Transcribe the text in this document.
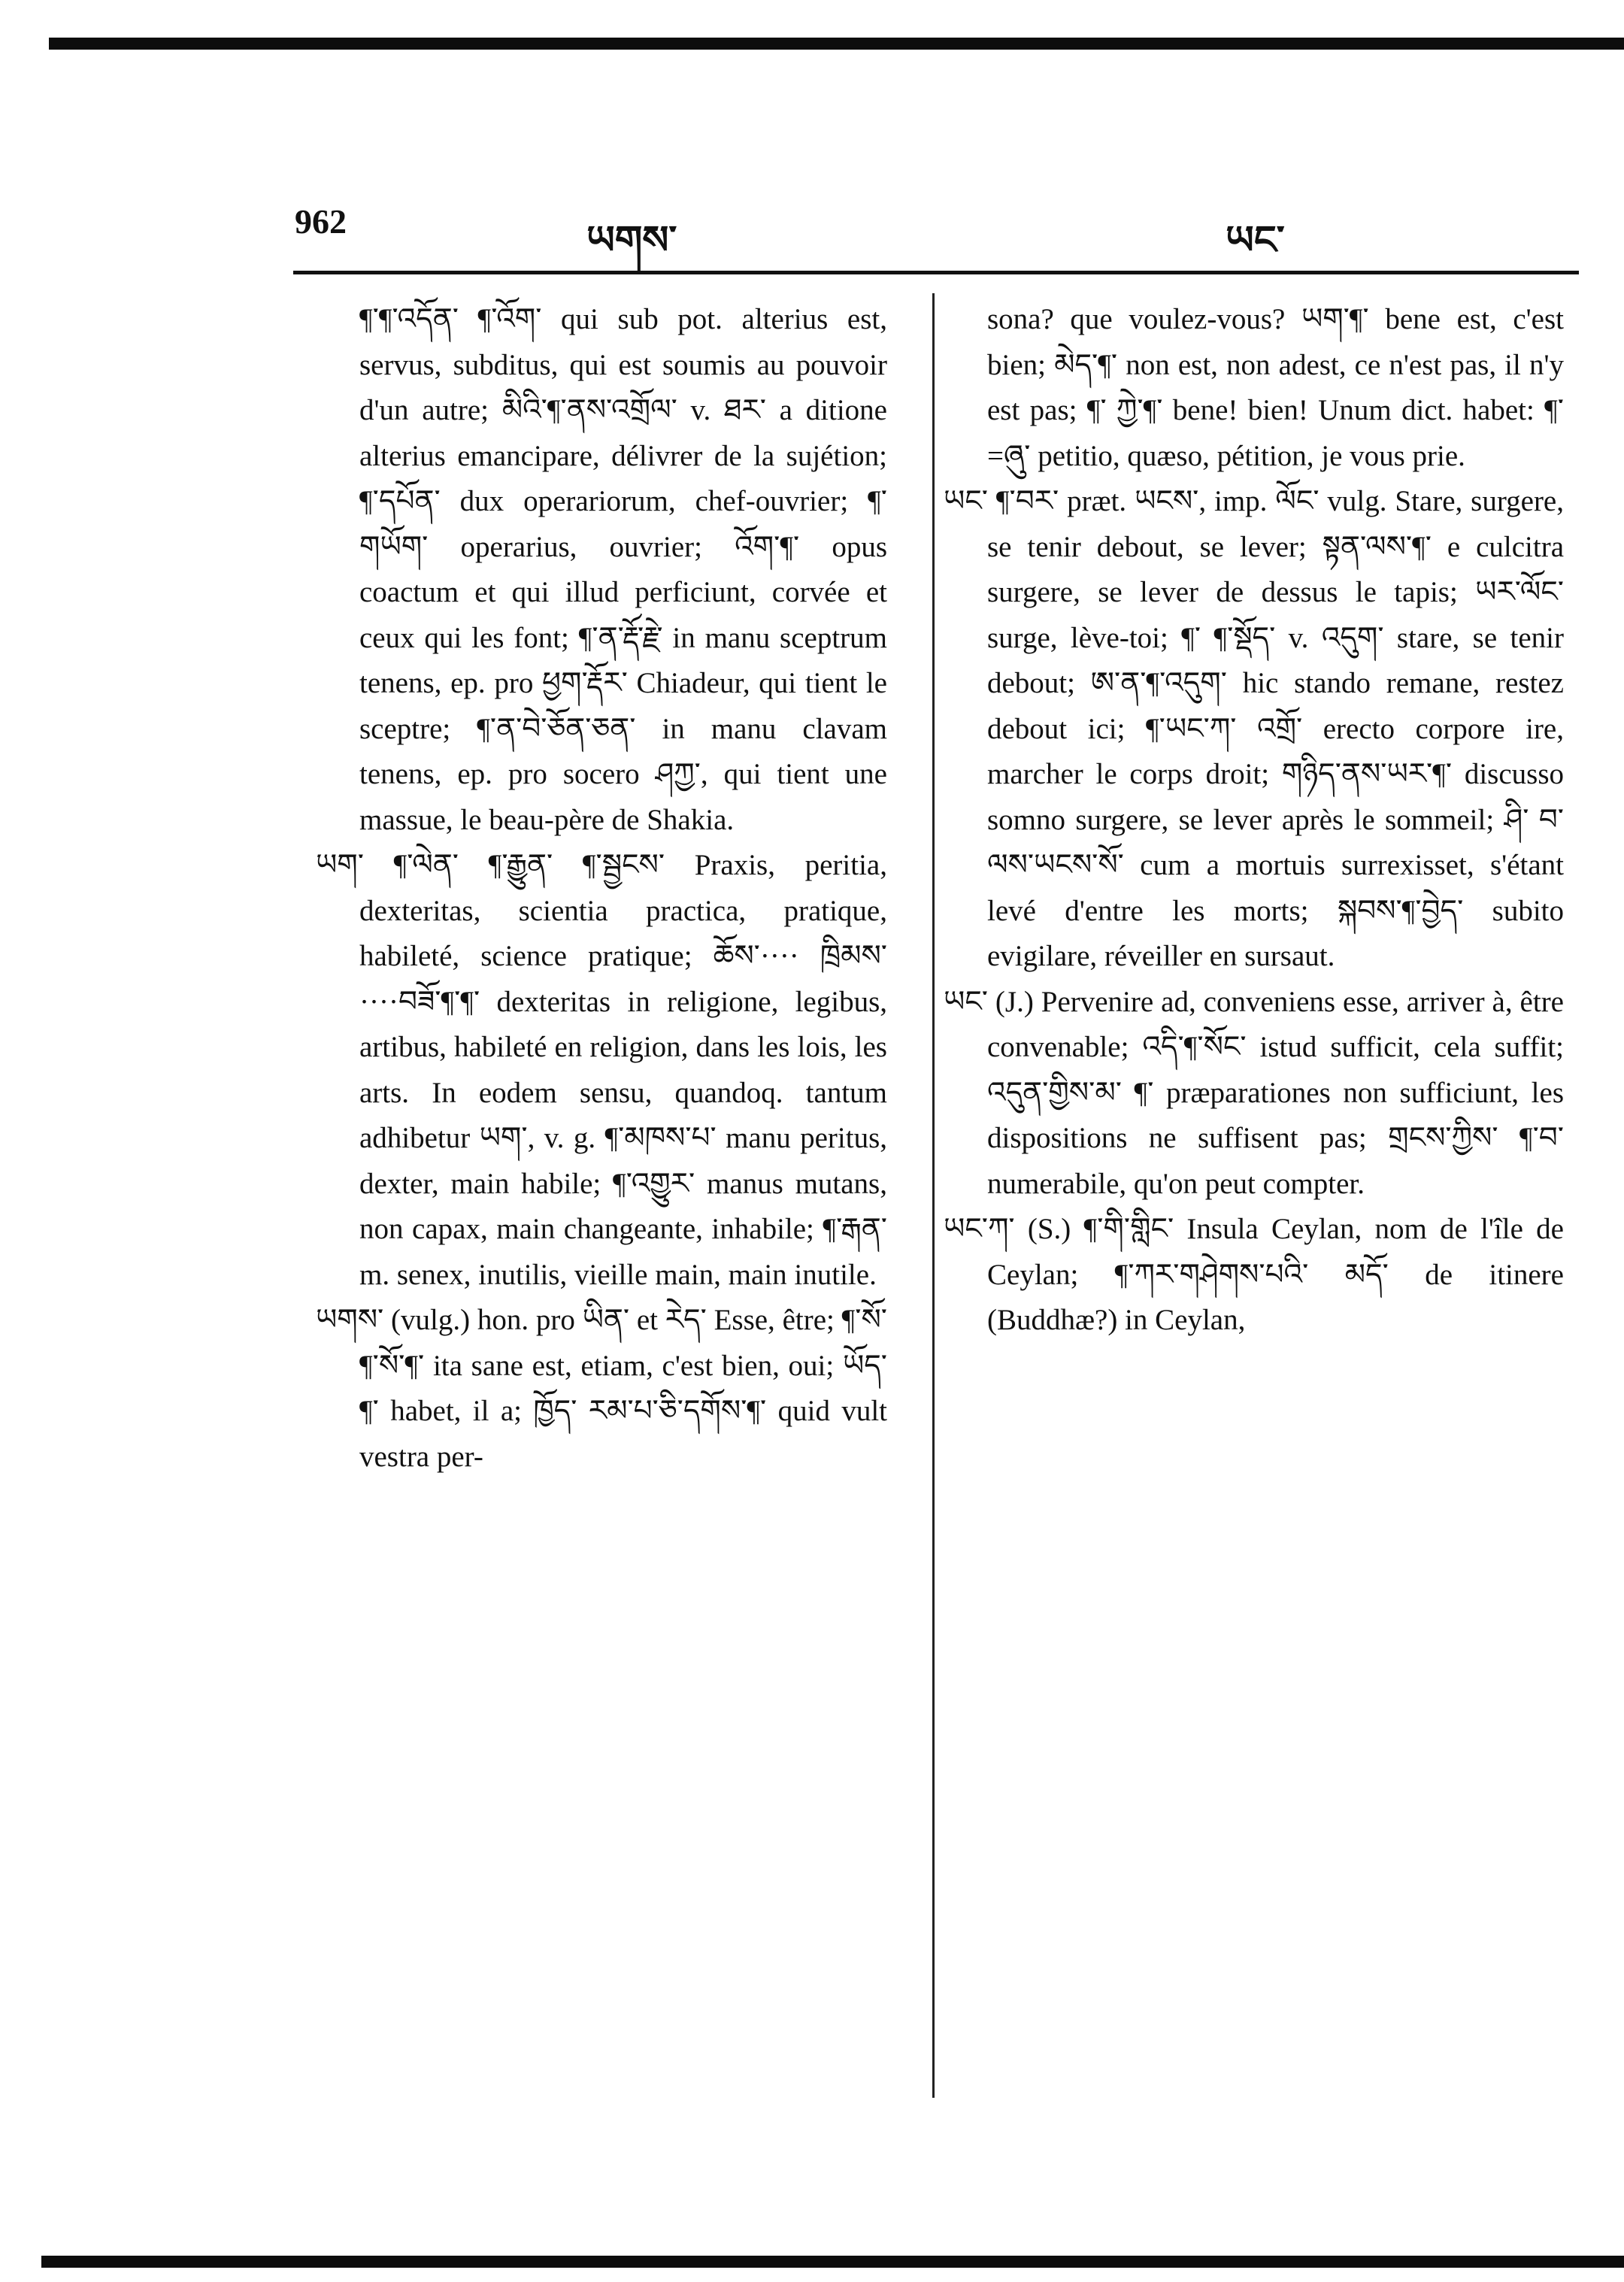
962	ཡགས་	ཡང་

¶་¶་འདོན་ ¶་འོག་ qui sub pot. alterius est, servus, subditus, qui est soumis au pouvoir d'un autre; མིའི་¶་ནས་འགྲོལ་ v. ཐར་ a ditione alterius emancipare, délivrer de la sujétion; ¶་དཔོན་ dux operariorum, chef-ouvrier; ¶་གཡོག་ operarius, ouvrier; འོག་¶་ opus coactum et qui illud perficiunt, corvée et ceux qui les font; ¶་ན་རྡོ་རྗེ་ in manu sceptrum tenens, ep. pro ཕྱག་རྡོར་ Chiadeur, qui tient le sceptre; ¶་ན་བེ་ཅོན་ཅན་ in manu clavam tenens, ep. pro socero ཤཀྱ་, qui tient une massue, le beau-père de Shakia.

ཡག་ ¶་ལེན་ ¶་རྒྱུན་ ¶་སྦྱངས་ Praxis, peritia, dexteritas, scientia practica, pratique, habileté, science pratique; ཆོས་···· ཁྲིམས་····བཟོ་¶་¶་ dexteritas in religione, legibus, artibus, habileté en religion, dans les lois, les arts. In eodem sensu, quandoq. tantum adhibetur ཡག་, v. g. ¶་མཁས་པ་ manu peritus, dexter, main habile; ¶་འགྱུར་ manus mutans, non capax, main changeante, inhabile; ¶་རྒན་ m. senex, inutilis, vieille main, main inutile.

ཡགས་ (vulg.) hon. pro ཡིན་ et རེད་ Esse, être; ¶་སོ་ ¶་སོ་¶་ ita sane est, etiam, c'est bien, oui; ཡོད་¶་ habet, il a; ཁྱོད་ རམ་པ་ཅི་དགོས་¶་ quid vult vestra per-

sona? que voulez-vous? ཡག་¶་ bene est, c'est bien; མེད་¶་ non est, non adest, ce n'est pas, il n'y est pas; ¶་ ཀྱེ་¶་ bene! bien! Unum dict. habet: ¶་=ཞུ་ petitio, quæso, pétition, je vous prie.

ཡང་ ¶་བར་ præt. ཡངས་, imp. ལོང་ vulg. Stare, surgere, se tenir debout, se lever; སྟན་ལས་¶་ e culcitra surgere, se lever de dessus le tapis; ཡར་ལོང་ surge, lève-toi; ¶་ ¶་སྡོད་ v. འདུག་ stare, se tenir debout; ཨ་ན་¶་འདུག་ hic stando remane, restez debout ici; ¶་ཡང་ཀ་ འགྲོ་ erecto corpore ire, marcher le corps droit; གཉིད་ནས་ཡར་¶་ discusso somno surgere, se lever après le sommeil; ཤི་ བ་ལས་ཡངས་སོ་ cum a mortuis surrexisset, s'étant levé d'entre les morts; སྐབས་¶་བྱེད་ subito evigilare, réveiller en sursaut.

ཡང་ (J.) Pervenire ad, conveniens esse, arriver à, être convenable; འདི་¶་སོང་ istud sufficit, cela suffit; འདུན་གྱིས་མ་ ¶་ præparationes non sufficiunt, les dispositions ne suffisent pas; གྲངས་ཀྱིས་ ¶་བ་ numerabile, qu'on peut compter.

ཡང་ཀ་ (S.) ¶་གི་གླིང་ Insula Ceylan, nom de l'île de Ceylan; ¶་ཀར་གཤེགས་པའི་ མདོ་ de itinere (Buddhæ?) in Ceylan,
